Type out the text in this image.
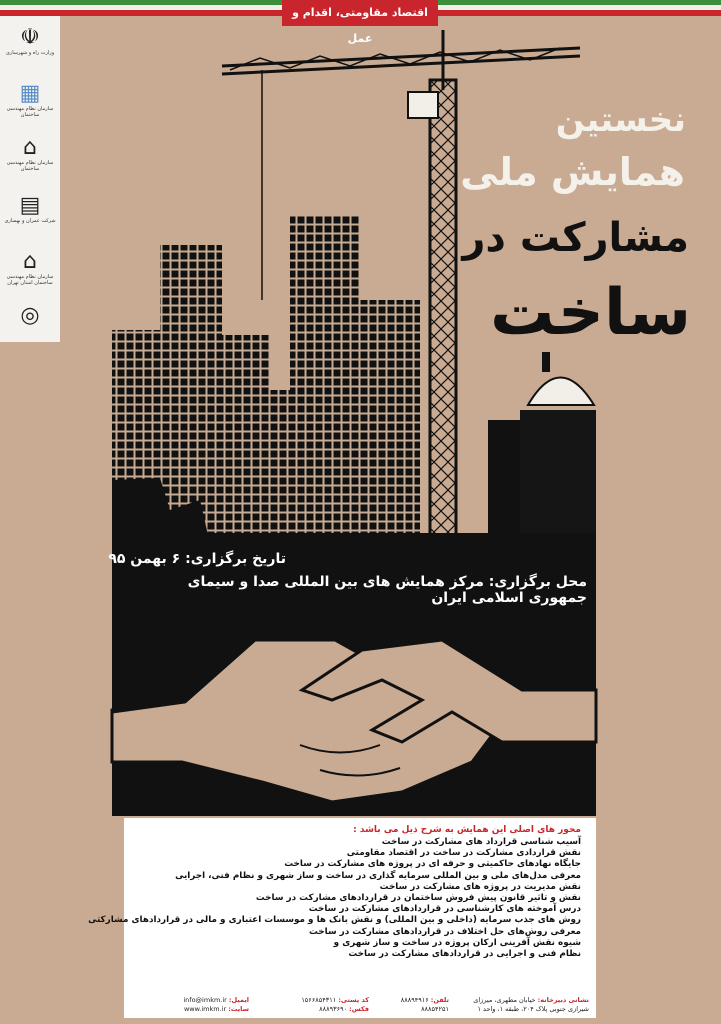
اقتصاد مقاومتی، اقدام و عمل
☫
وزارت راه و شهرسازی
▦
سازمان نظام مهندسی ساختمان
⌂
سازمان نظام مهندسی ساختمان
▤
شرکت عمران و بهسازی
⌂
سازمان نظام مهندسی ساختمان استان تهران
◎
نخستین
همایش ملی
مشارکت در
ساخت
تاریخ برگزاری: ۶ بهمن ۹۵
محل برگزاری: مرکز همایش های بین المللی صدا و سیمای جمهوری اسلامی ایران
محور های اصلی این همایش به شرح ذیل می باشد :
آسیب شناسی قرارداد های مشارکت در ساخت
نقش قراردادی مشارکت در ساخت در اقتصاد مقاومتی
جایگاه نهادهای حاکمیتی و حرفه ای در پروژه های مشارکت در ساخت
معرفی مدل‌های ملی و بین المللی سرمایه گذاری در ساخت و ساز شهری و نظام فنی، اجرایی
نقش مدیریت در پروژه های مشارکت در ساخت
نقش و تاثیر قانون پیش فروش ساختمان در قراردادهای مشارکت در ساخت
درس آموخته های کارشناسی در قراردادهای مشارکت در ساخت
روش های جذب سرمایه (داخلی و بین المللی) و نقش بانک ها و موسسات اعتباری و مالی در قراردادهای مشارکتی
معرفی روش‌های حل اختلاف در قراردادهای مشارکت در ساخت
شیوه نقش آفرینی ارکان پروژه در ساخت و ساز شهری و
نظام فنی و اجرایی در قراردادهای مشارکت در ساخت
نشانی دبیرخانه: خیابان مطهری، میرزای شیرازی جنوبی پلاک ۲۰۴، طبقه ۱، واحد ۱
تلفن: ۸۸۸۹۴۹۱۶ ۸۸۸۵۴۲۵۱
کد پستی: ۱۵۶۶۸۵۴۳۱۱
فکس: ۸۸۸۹۳۶۹۰
ایمیل: info@imkm.ir
سایت: www.imkm.ir
